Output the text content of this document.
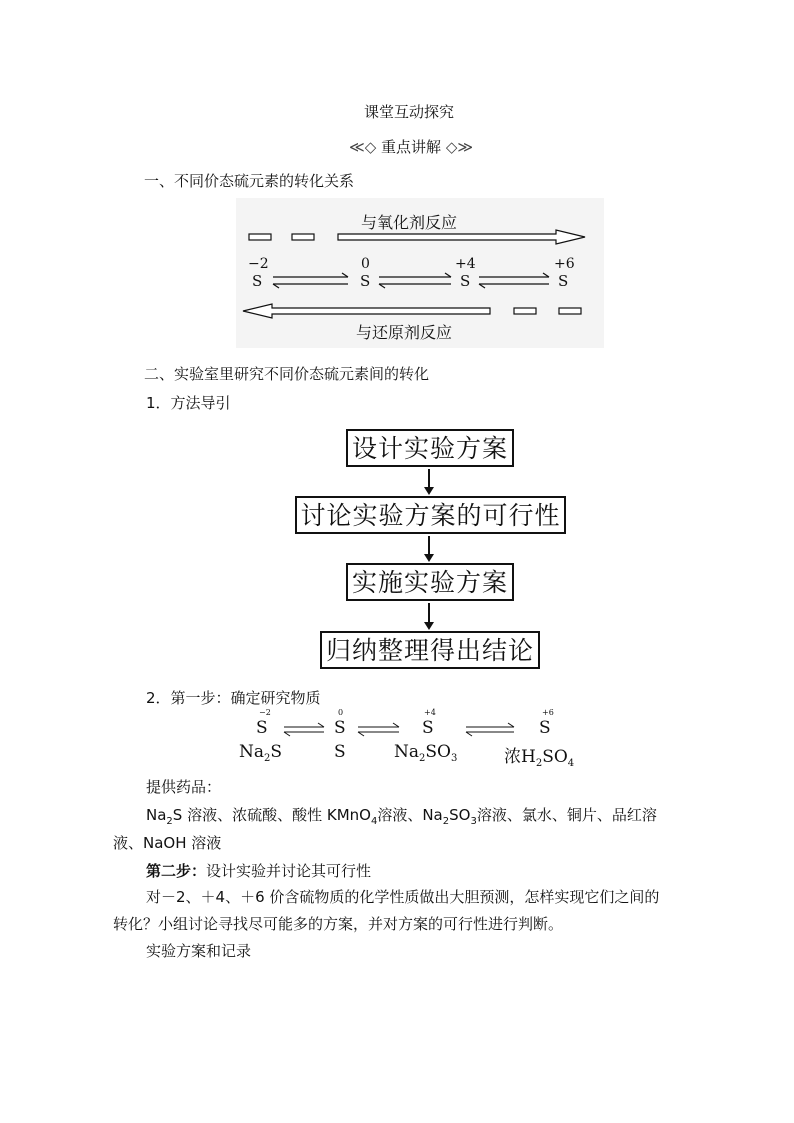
课堂互动探究
≪◇ 重点讲解 ◇≫
一、不同价态硫元素的转化关系
与氧化剂反应
与还原剂反应
−2	0	+4	+6
S	S	S	S
二、实验室里研究不同价态硫元素间的转化
1．方法导引
设计实验方案
讨论实验方案的可行性
实施实验方案
归纳整理得出结论
2．第一步：确定研究物质
−2	0	+4	+6
S	S	S	S
$Na_2S$	S	$Na_2SO_3$	浓$H_2SO_4$
提供药品：
$Na_2S$ 溶液、浓硫酸、酸性 KMnO$_4$溶液、$Na_2SO_3$溶液、氯水、铜片、品红溶
液、NaOH 溶液
第二步：设计实验并讨论其可行性
对－2、＋4、＋6 价含硫物质的化学性质做出大胆预测，怎样实现它们之间的
转化？小组讨论寻找尽可能多的方案，并对方案的可行性进行判断。
实验方案和记录
